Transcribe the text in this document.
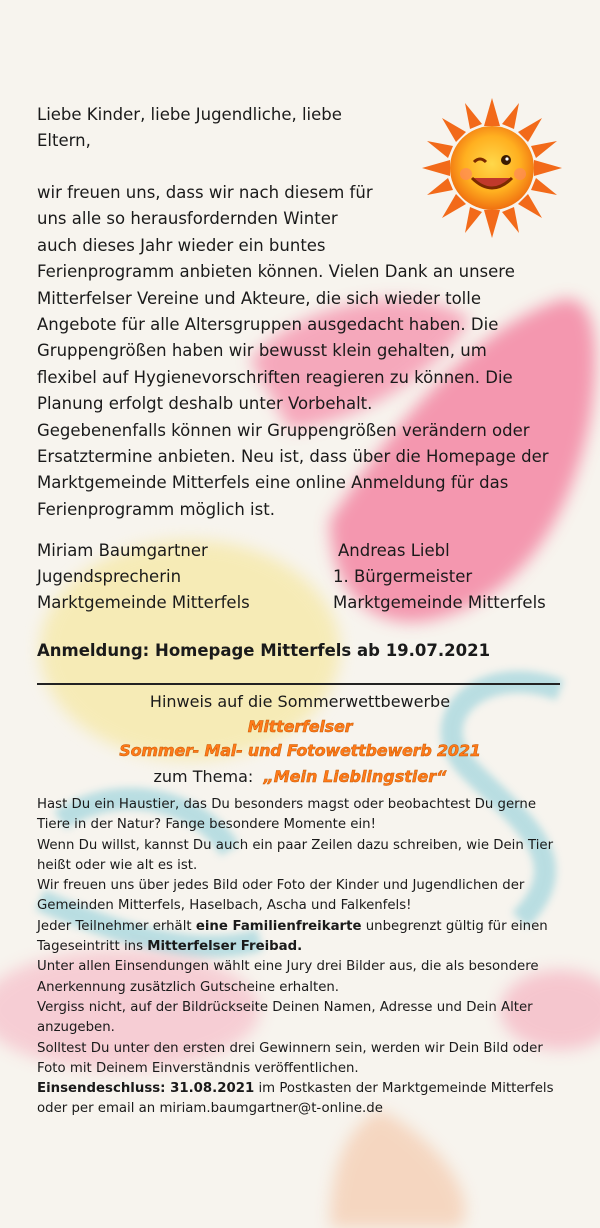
Liebe Kinder, liebe Jugendliche, liebe
Eltern,

wir freuen uns, dass wir nach diesem für
uns alle so herausfordernden Winter
auch dieses Jahr wieder ein buntes
Ferienprogramm anbieten können. Vielen Dank an unsere
Mitterfelser Vereine und Akteure, die sich wieder tolle
Angebote für alle Altersgruppen ausgedacht haben. Die
Gruppengrößen haben wir bewusst klein gehalten, um
flexibel auf Hygienevorschriften reagieren zu können. Die
Planung erfolgt deshalb unter Vorbehalt.
Gegebenenfalls können wir Gruppengrößen verändern oder
Ersatztermine anbieten. Neu ist, dass über die Homepage der
Marktgemeinde Mitterfels eine online Anmeldung für das
Ferienprogramm möglich ist.

Miriam Baumgartner
Jugendsprecherin
Marktgemeinde Mitterfels
Andreas Liebl
1. Bürgermeister
Marktgemeinde Mitterfels
Anmeldung: Homepage Mitterfels ab 19.07.2021
Hinweis auf die Sommerwettbewerbe
Mitterfelser
Sommer- Mal- und Fotowettbewerb 2021
zum Thema: „Mein Lieblingstier“
Hast Du ein Haustier, das Du besonders magst oder beobachtest Du gerne
Tiere in der Natur? Fange besondere Momente ein!
Wenn Du willst, kannst Du auch ein paar Zeilen dazu schreiben, wie Dein Tier
heißt oder wie alt es ist.
Wir freuen uns über jedes Bild oder Foto der Kinder und Jugendlichen der
Gemeinden Mitterfels, Haselbach, Ascha und Falkenfels!
Jeder Teilnehmer erhält eine Familienfreikarte unbegrenzt gültig für einen
Tageseintritt ins Mitterfelser Freibad.
Unter allen Einsendungen wählt eine Jury drei Bilder aus, die als besondere
Anerkennung zusätzlich Gutscheine erhalten.
Vergiss nicht, auf der Bildrückseite Deinen Namen, Adresse und Dein Alter
anzugeben.
Solltest Du unter den ersten drei Gewinnern sein, werden wir Dein Bild oder
Foto mit Deinem Einverständnis veröffentlichen.
Einsendeschluss: 31.08.2021 im Postkasten der Marktgemeinde Mitterfels
oder per email an miriam.baumgartner@t-online.de
